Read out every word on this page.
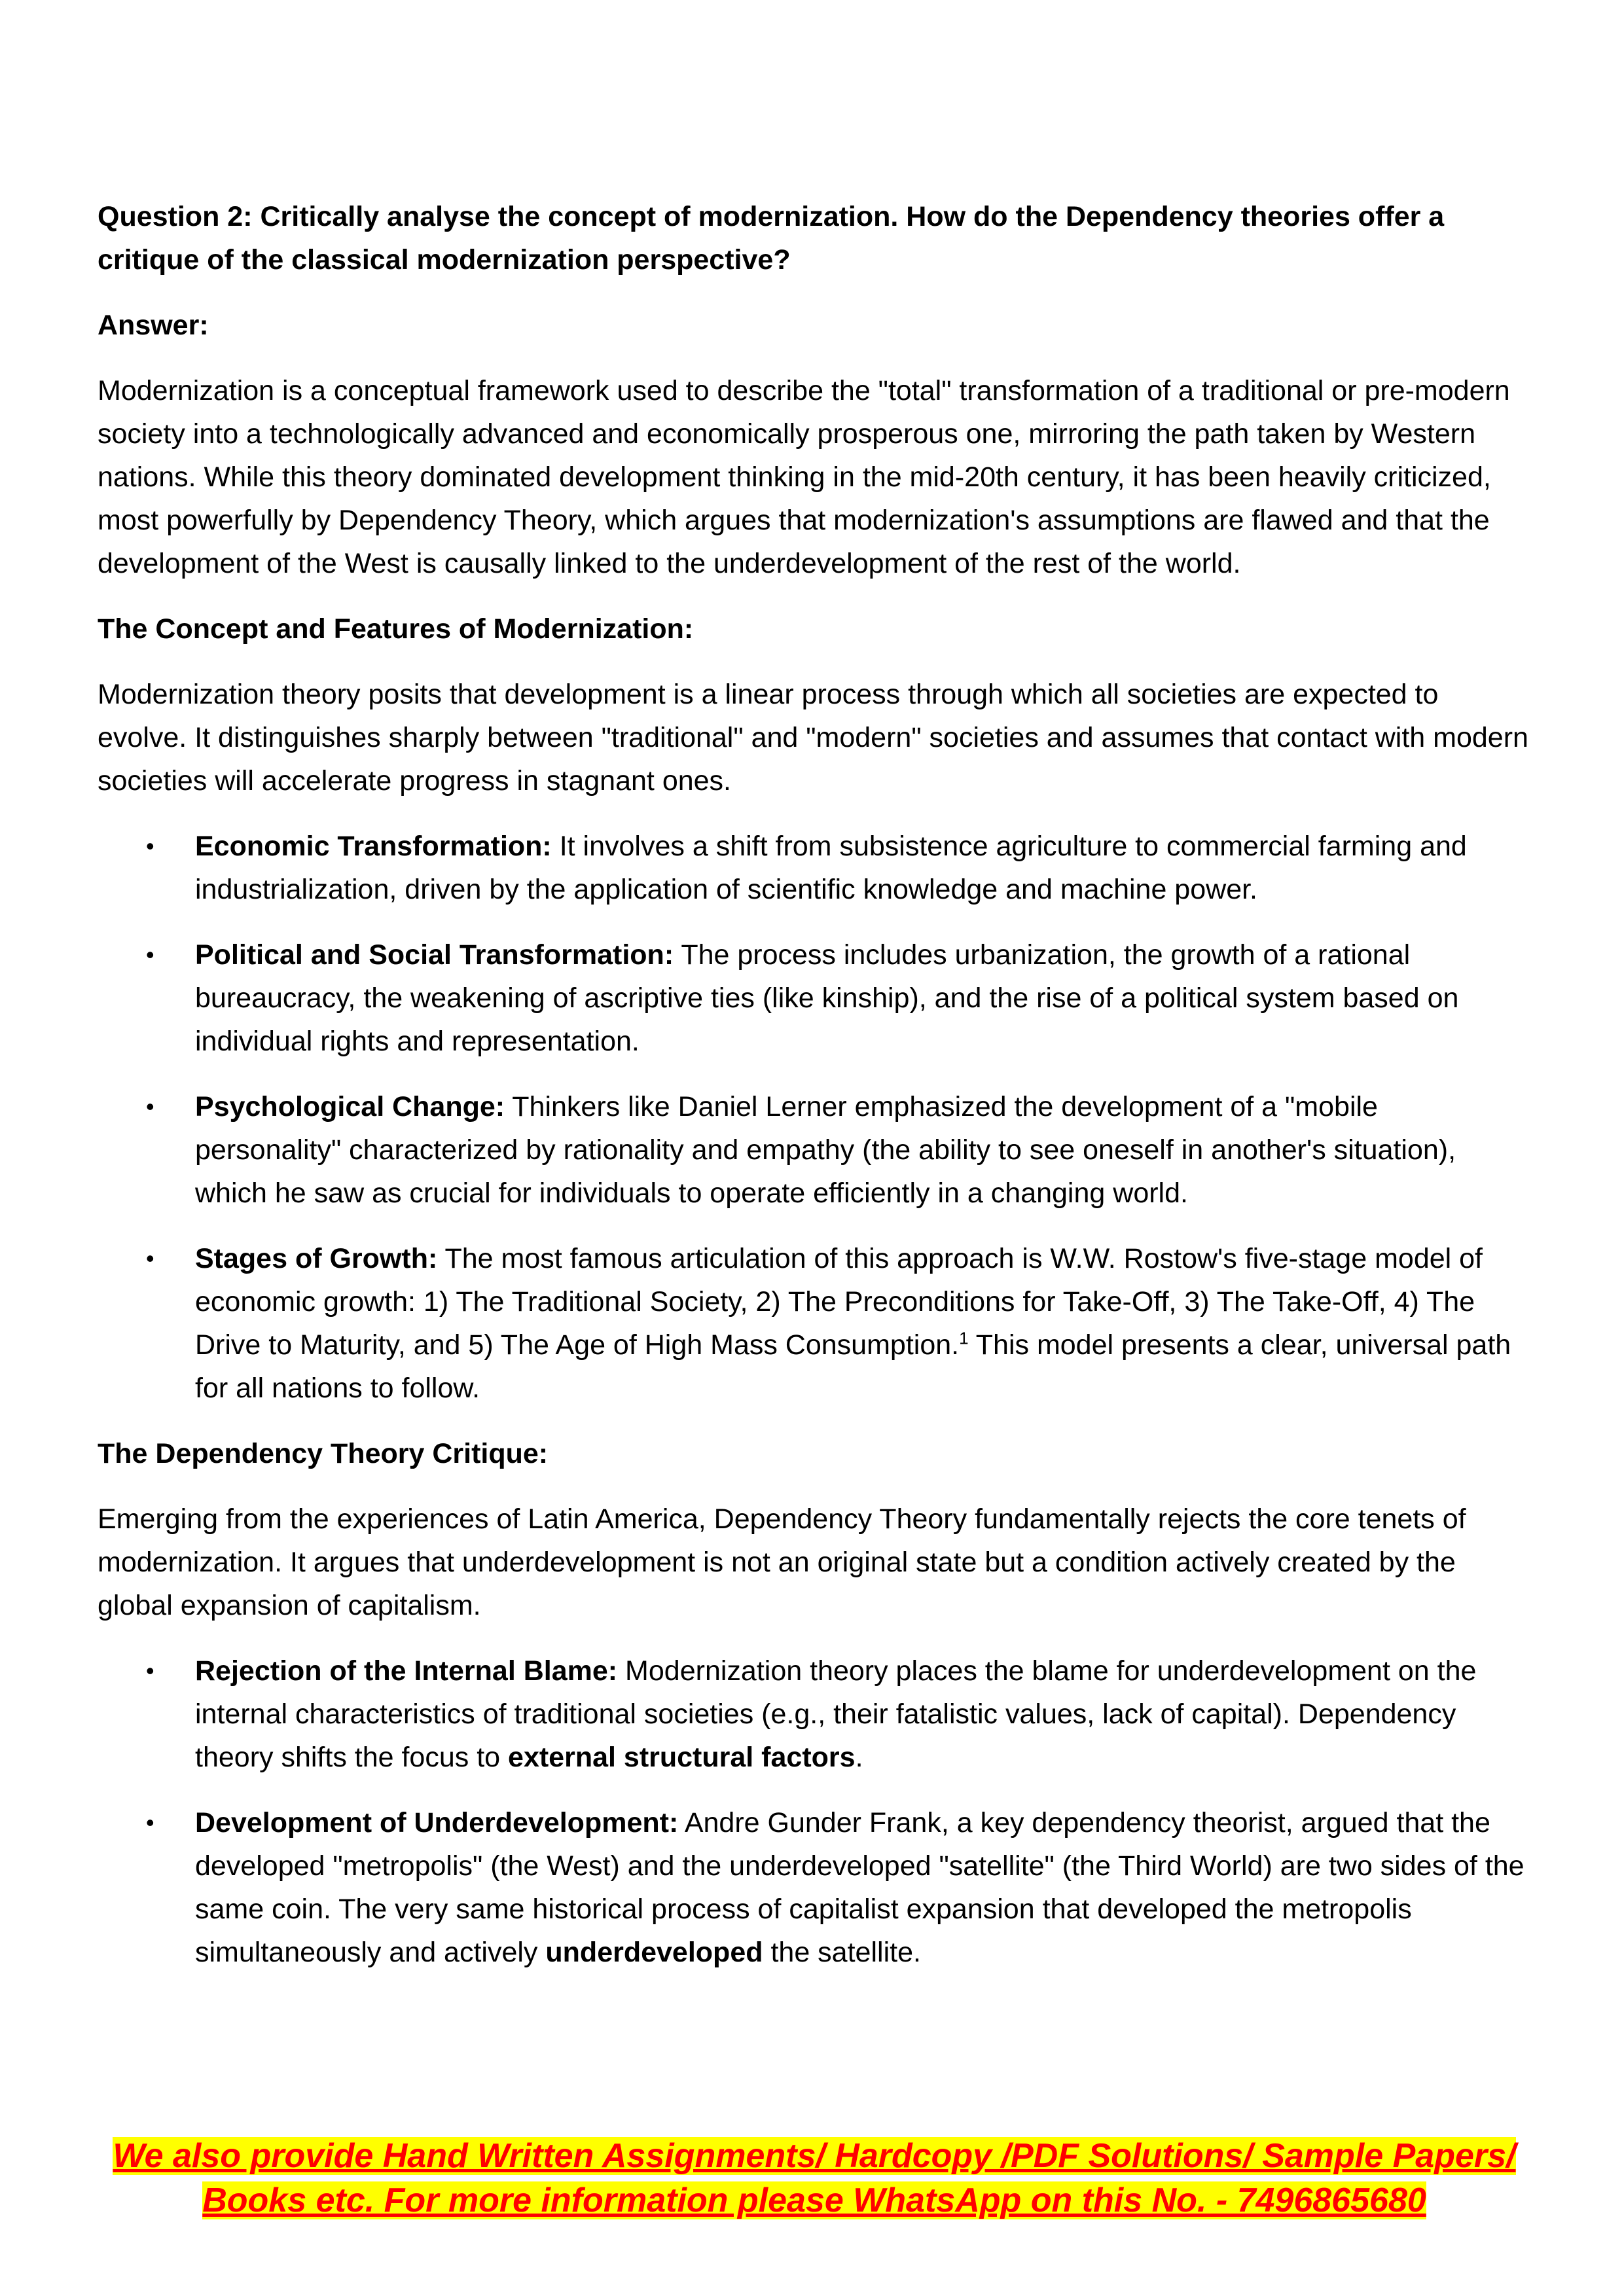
Question 2: Critically analyse the concept of modernization. How do the Dependency theories offer a critique of the classical modernization perspective?

Answer:

Modernization is a conceptual framework used to describe the "total" transformation of a traditional or pre-modern society into a technologically advanced and economically prosperous one, mirroring the path taken by Western nations. While this theory dominated development thinking in the mid-20th century, it has been heavily criticized, most powerfully by Dependency Theory, which argues that modernization's assumptions are flawed and that the development of the West is causally linked to the underdevelopment of the rest of the world.

The Concept and Features of Modernization:

Modernization theory posits that development is a linear process through which all societies are expected to evolve. It distinguishes sharply between "traditional" and "modern" societies and assumes that contact with modern societies will accelerate progress in stagnant ones.

• Economic Transformation: It involves a shift from subsistence agriculture to commercial farming and industrialization, driven by the application of scientific knowledge and machine power.
• Political and Social Transformation: The process includes urbanization, the growth of a rational bureaucracy, the weakening of ascriptive ties (like kinship), and the rise of a political system based on individual rights and representation.
• Psychological Change: Thinkers like Daniel Lerner emphasized the development of a "mobile personality" characterized by rationality and empathy (the ability to see oneself in another's situation), which he saw as crucial for individuals to operate efficiently in a changing world.
• Stages of Growth: The most famous articulation of this approach is W.W. Rostow's five-stage model of economic growth: 1) The Traditional Society, 2) The Preconditions for Take-Off, 3) The Take-Off, 4) The Drive to Maturity, and 5) The Age of High Mass Consumption.$^1$ This model presents a clear, universal path for all nations to follow.

The Dependency Theory Critique:

Emerging from the experiences of Latin America, Dependency Theory fundamentally rejects the core tenets of modernization. It argues that underdevelopment is not an original state but a condition actively created by the global expansion of capitalism.

• Rejection of the Internal Blame: Modernization theory places the blame for underdevelopment on the internal characteristics of traditional societies (e.g., their fatalistic values, lack of capital). Dependency theory shifts the focus to external structural factors.
• Development of Underdevelopment: Andre Gunder Frank, a key dependency theorist, argued that the developed "metropolis" (the West) and the underdeveloped "satellite" (the Third World) are two sides of the same coin. The very same historical process of capitalist expansion that developed the metropolis simultaneously and actively underdeveloped the satellite.
We also provide Hand Written Assignments/ Hardcopy /PDF Solutions/ Sample Papers/
Books etc. For more information please WhatsApp on this No. - 7496865680
